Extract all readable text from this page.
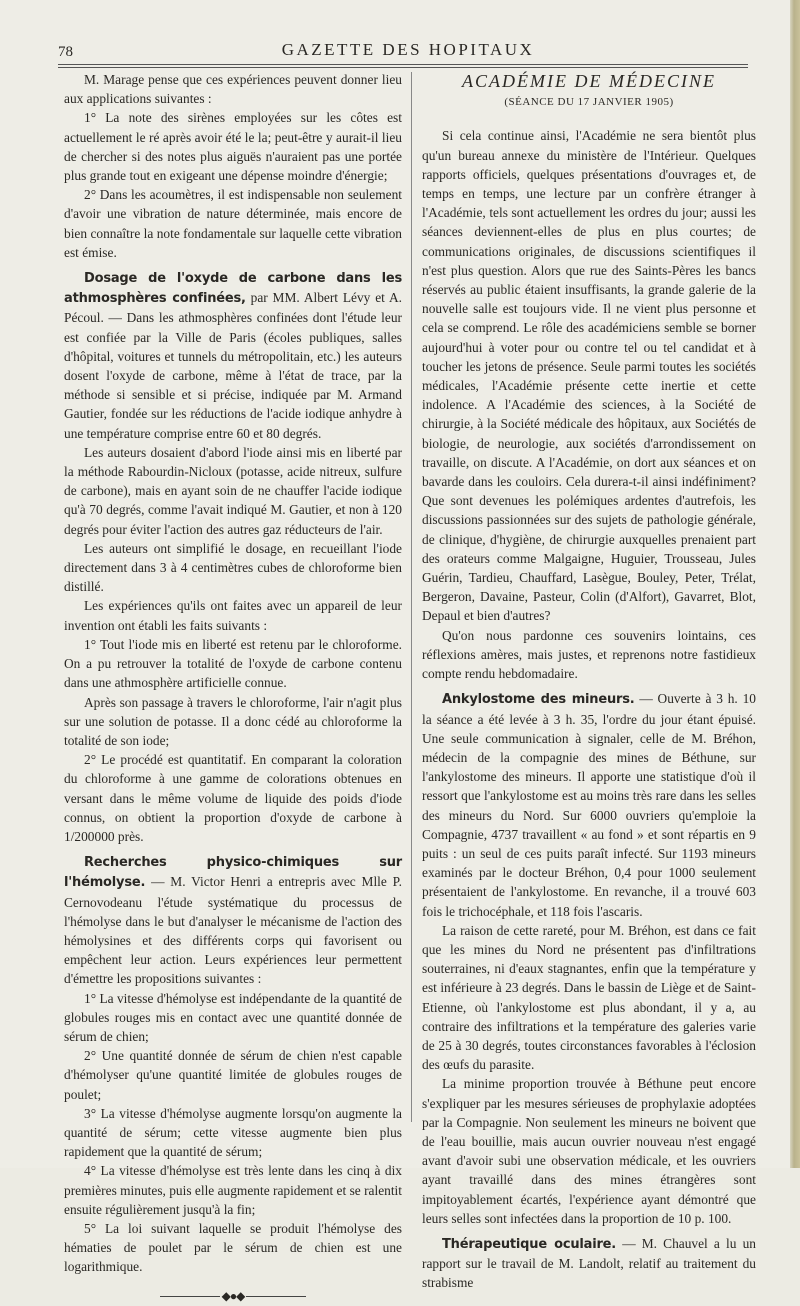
78	GAZETTE DES HOPITAUX

M. Marage pense que ces expériences peuvent donner lieu aux applications suivantes :

1° La note des sirènes employées sur les côtes est actuellement le ré après avoir été le la; peut-être y aurait-il lieu de chercher si des notes plus aiguës n'auraient pas une portée plus grande tout en exigeant une dépense moindre d'énergie;

2° Dans les acoumètres, il est indispensable non seulement d'avoir une vibration de nature déterminée, mais encore de bien connaître la note fondamentale sur laquelle cette vibration est émise.

Dosage de l'oxyde de carbone dans les athmosphères confinées, par MM. Albert Lévy et A. Pécoul. — Dans les athmosphères confinées dont l'étude leur est confiée par la Ville de Paris (écoles publiques, salles d'hôpital, voitures et tunnels du métropolitain, etc.) les auteurs dosent l'oxyde de carbone, même à l'état de trace, par la méthode si sensible et si précise, indiquée par M. Armand Gautier, fondée sur les réductions de l'acide iodique anhydre à une température comprise entre 60 et 80 degrés.

Les auteurs dosaient d'abord l'iode ainsi mis en liberté par la méthode Rabourdin-Nicloux (potasse, acide nitreux, sulfure de carbone), mais en ayant soin de ne chauffer l'acide iodique qu'à 70 degrés, comme l'avait indiqué M. Gautier, et non à 120 degrés pour éviter l'action des autres gaz réducteurs de l'air.

Les auteurs ont simplifié le dosage, en recueillant l'iode directement dans 3 à 4 centimètres cubes de chloroforme bien distillé.

Les expériences qu'ils ont faites avec un appareil de leur invention ont établi les faits suivants :

1° Tout l'iode mis en liberté est retenu par le chloroforme. On a pu retrouver la totalité de l'oxyde de carbone contenu dans une athmosphère artificielle connue.

Après son passage à travers le chloroforme, l'air n'agit plus sur une solution de potasse. Il a donc cédé au chloroforme la totalité de son iode;

2° Le procédé est quantitatif. En comparant la coloration du chloroforme à une gamme de colorations obtenues en versant dans le même volume de liquide des poids d'iode connus, on obtient la proportion d'oxyde de carbone à 1/200000 près.

Recherches physico-chimiques sur l'hémolyse. — M. Victor Henri a entrepris avec Mlle P. Cernovodeanu l'étude systématique du processus de l'hémolyse dans le but d'analyser le mécanisme de l'action des hémolysines et des différents corps qui favorisent ou empêchent leur action. Leurs expériences leur permettent d'émettre les propositions suivantes :

1° La vitesse d'hémolyse est indépendante de la quantité de globules rouges mis en contact avec une quantité donnée de sérum de chien;

2° Une quantité donnée de sérum de chien n'est capable d'hémolyser qu'une quantité limitée de globules rouges de poulet;

3° La vitesse d'hémolyse augmente lorsqu'on augmente la quantité de sérum; cette vitesse augmente bien plus rapidement que la quantité de sérum;

4° La vitesse d'hémolyse est très lente dans les cinq à dix premières minutes, puis elle augmente rapidement et se ralentit ensuite régulièrement jusqu'à la fin;

5° La loi suivant laquelle se produit l'hémolyse des hématies de poulet par le sérum de chien est une logarithmique.

◆●◆
ACADÉMIE DE MÉDECINE
(SÉANCE DU 17 JANVIER 1905)

Si cela continue ainsi, l'Académie ne sera bientôt plus qu'un bureau annexe du ministère de l'Intérieur. Quelques rapports officiels, quelques présentations d'ouvrages et, de temps en temps, une lecture par un confrère étranger à l'Académie, tels sont actuellement les ordres du jour; aussi les séances deviennent-elles de plus en plus courtes; de communications originales, de discussions scientifiques il n'est plus question. Alors que rue des Saints-Pères les bancs réservés au public étaient insuffisants, la grande galerie de la nouvelle salle est toujours vide. Il ne vient plus personne et cela se comprend. Le rôle des académiciens semble se borner aujourd'hui à voter pour ou contre tel ou tel candidat et à toucher les jetons de présence. Seule parmi toutes les sociétés médicales, l'Académie présente cette inertie et cette indolence. A l'Académie des sciences, à la Société de chirurgie, à la Société médicale des hôpitaux, aux Sociétés de biologie, de neurologie, aux sociétés d'arrondissement on travaille, on discute. A l'Académie, on dort aux séances et on bavarde dans les couloirs. Cela durera-t-il ainsi indéfiniment? Que sont devenues les polémiques ardentes d'autrefois, les discussions passionnées sur des sujets de pathologie générale, de clinique, d'hygiène, de chirurgie auxquelles prenaient part des orateurs comme Malgaigne, Huguier, Trousseau, Jules Guérin, Tardieu, Chauffard, Lasègue, Bouley, Peter, Trélat, Bergeron, Davaine, Pasteur, Colin (d'Alfort), Gavarret, Blot, Depaul et bien d'autres?

Qu'on nous pardonne ces souvenirs lointains, ces réflexions amères, mais justes, et reprenons notre fastidieux compte rendu hebdomadaire.

Ankylostome des mineurs. — Ouverte à 3 h. 10 la séance a été levée à 3 h. 35, l'ordre du jour étant épuisé. Une seule communication à signaler, celle de M. Bréhon, médecin de la compagnie des mines de Béthune, sur l'ankylostome des mineurs. Il apporte une statistique d'où il ressort que l'ankylostome est au moins très rare dans les selles des mineurs du Nord. Sur 6000 ouvriers qu'emploie la Compagnie, 4737 travaillent « au fond » et sont répartis en 9 puits : un seul de ces puits paraît infecté. Sur 1193 mineurs examinés par le docteur Bréhon, 0,4 pour 1000 seulement présentaient de l'ankylostome. En revanche, il a trouvé 603 fois le trichocéphale, et 118 fois l'ascaris.

La raison de cette rareté, pour M. Bréhon, est dans ce fait que les mines du Nord ne présentent pas d'infiltrations souterraines, ni d'eaux stagnantes, enfin que la température y est inférieure à 23 degrés. Dans le bassin de Liège et de Saint-Etienne, où l'ankylostome est plus abondant, il y a, au contraire des infiltrations et la température des galeries varie de 25 à 30 degrés, toutes circonstances favorables à l'éclosion des œufs du parasite.

La minime proportion trouvée à Béthune peut encore s'expliquer par les mesures sérieuses de prophylaxie adoptées par la Compagnie. Non seulement les mineurs ne boivent que de l'eau bouillie, mais aucun ouvrier nouveau n'est engagé avant d'avoir subi une observation médicale, et les ouvriers ayant travaillé dans des mines étrangères sont impitoyablement écartés, l'expérience ayant démontré que leurs selles sont infectées dans la proportion de 10 p. 100.

Thérapeutique oculaire. — M. Chauvel a lu un rapport sur le travail de M. Landolt, relatif au traitement du strabisme
